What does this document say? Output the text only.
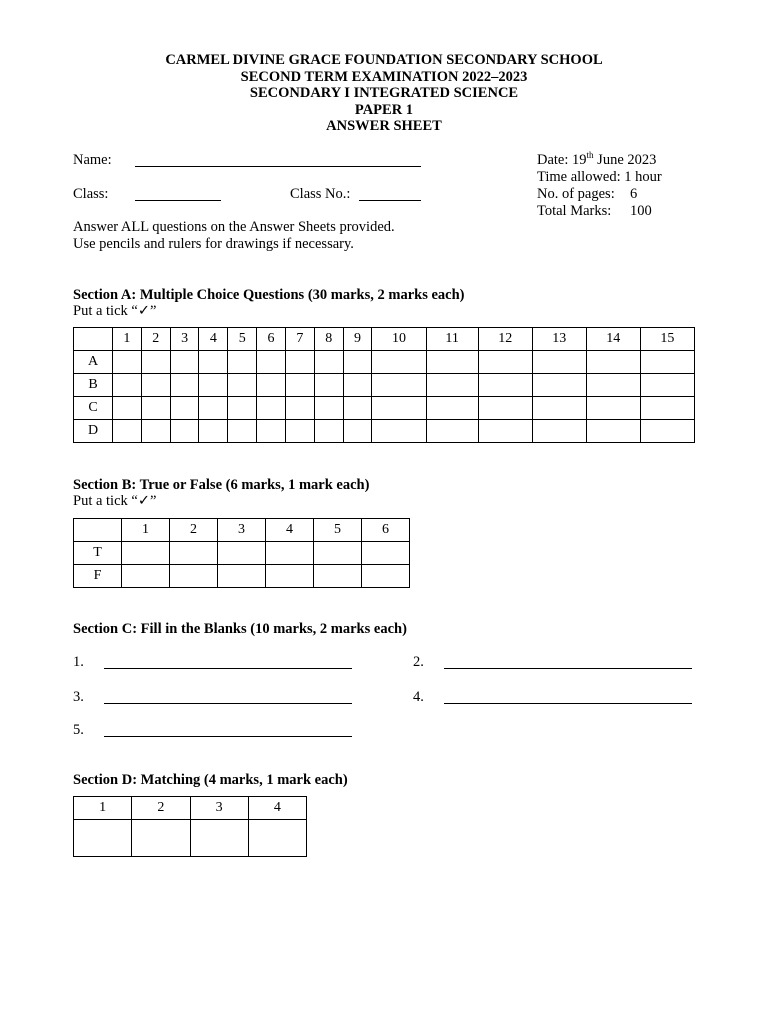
CARMEL DIVINE GRACE FOUNDATION SECONDARY SCHOOL
SECOND TERM EXAMINATION 2022–2023
SECONDARY I INTEGRATED SCIENCE
PAPER 1
ANSWER SHEET
Name:
Class:	Class No.:
Date: 19th June 2023
Time allowed: 1 hour
No. of pages: 6
Total Marks: 100
Answer ALL questions on the Answer Sheets provided.
Use pencils and rulers for drawings if necessary.
Section A: Multiple Choice Questions (30 marks, 2 marks each)
Put a tick “✓”
	1	2	3	4	5	6	7	8	9	10	11	12	13	14	15
A															
B															
C															
D															
Section B: True or False (6 marks, 1 mark each)
Put a tick “✓”
	1	2	3	4	5	6
T						
F						
Section C: Fill in the Blanks (10 marks, 2 marks each)
1.	2.
3.	4.
5.
Section D: Matching (4 marks, 1 mark each)
1	2	3	4
